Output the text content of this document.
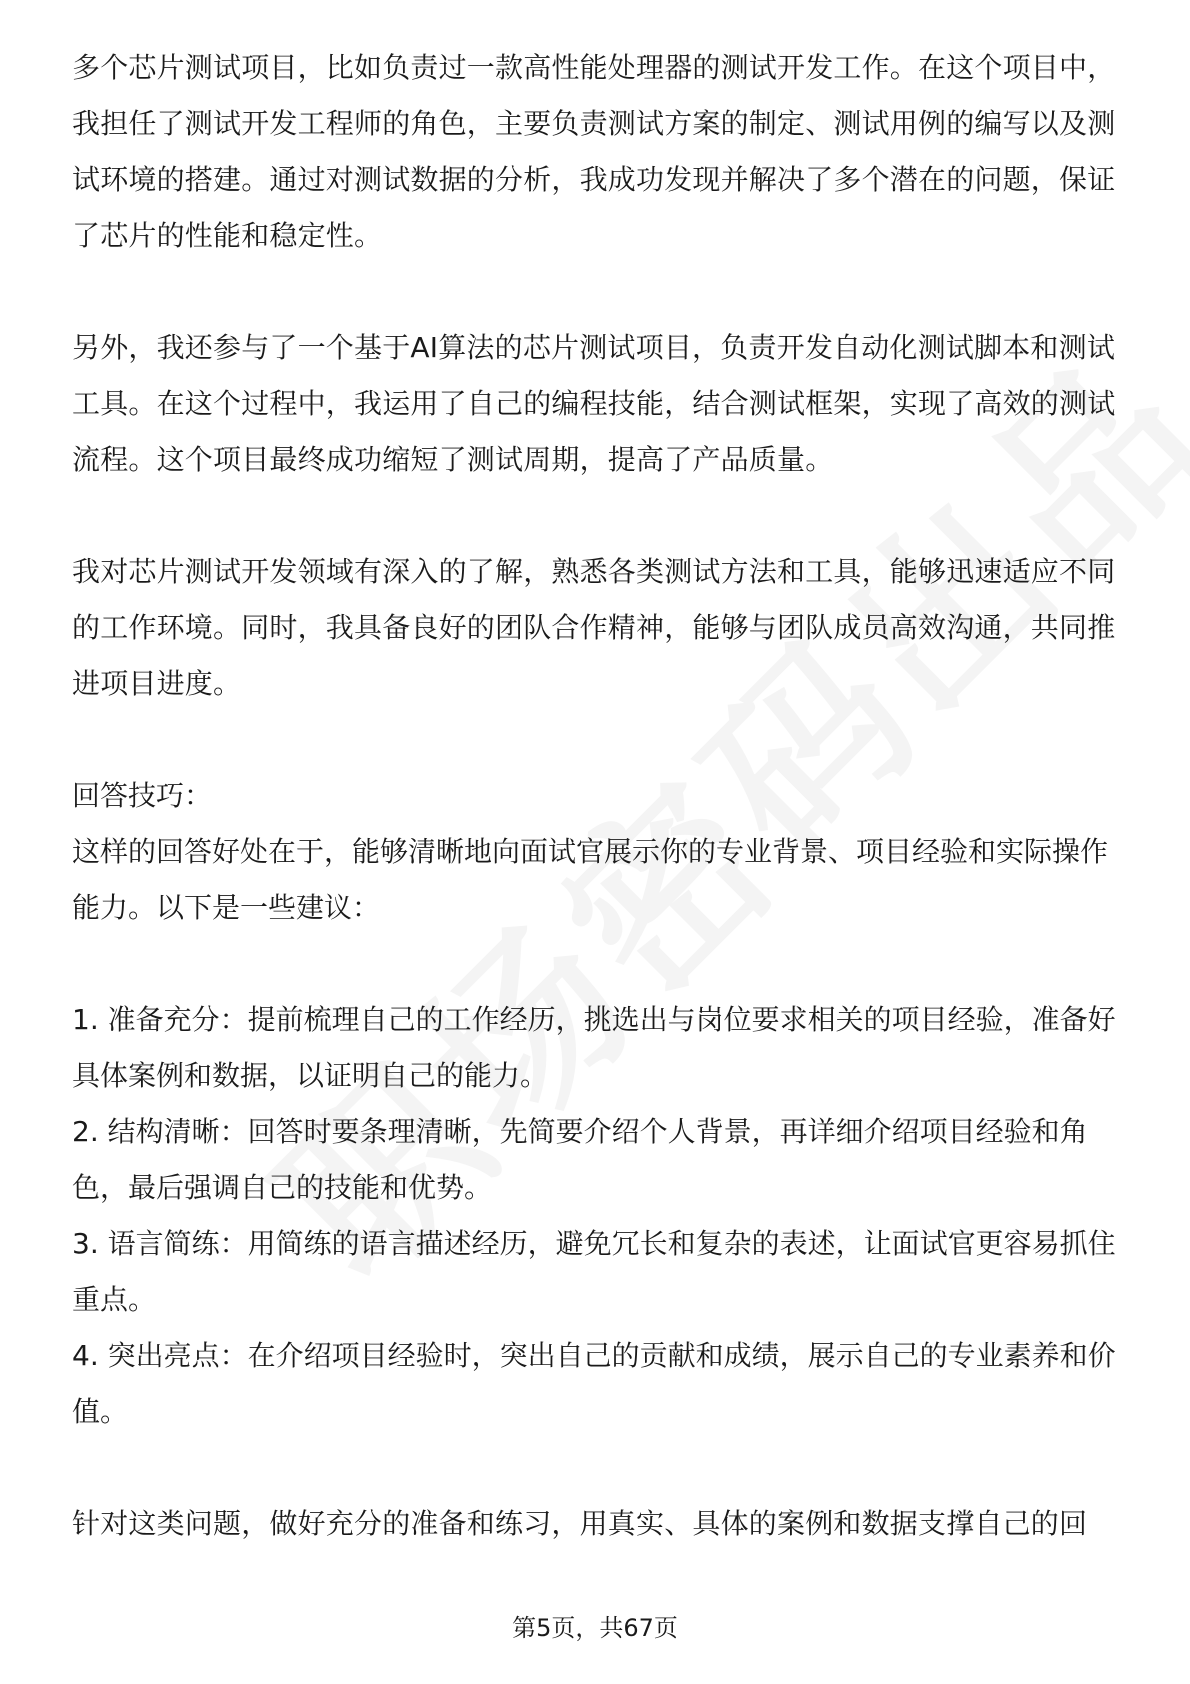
多个芯片测试项目，比如负责过一款高性能处理器的测试开发工作。在这个项目中，我担任了测试开发工程师的角色，主要负责测试方案的制定、测试用例的编写以及测试环境的搭建。通过对测试数据的分析，我成功发现并解决了多个潜在的问题，保证了芯片的性能和稳定性。

另外，我还参与了一个基于AI算法的芯片测试项目，负责开发自动化测试脚本和测试工具。在这个过程中，我运用了自己的编程技能，结合测试框架，实现了高效的测试流程。这个项目最终成功缩短了测试周期，提高了产品质量。

我对芯片测试开发领域有深入的了解，熟悉各类测试方法和工具，能够迅速适应不同的工作环境。同时，我具备良好的团队合作精神，能够与团队成员高效沟通，共同推进项目进度。

回答技巧：

这样的回答好处在于，能够清晰地向面试官展示你的专业背景、项目经验和实际操作能力。以下是一些建议：

1. 准备充分：提前梳理自己的工作经历，挑选出与岗位要求相关的项目经验，准备好具体案例和数据，以证明自己的能力。
2. 结构清晰：回答时要条理清晰，先简要介绍个人背景，再详细介绍项目经验和角色，最后强调自己的技能和优势。
3. 语言简练：用简练的语言描述经历，避免冗长和复杂的表述，让面试官更容易抓住重点。
4. 突出亮点：在介绍项目经验时，突出自己的贡献和成绩，展示自己的专业素养和价值。

针对这类问题，做好充分的准备和练习，用真实、具体的案例和数据支撑自己的回

第5页，共67页
